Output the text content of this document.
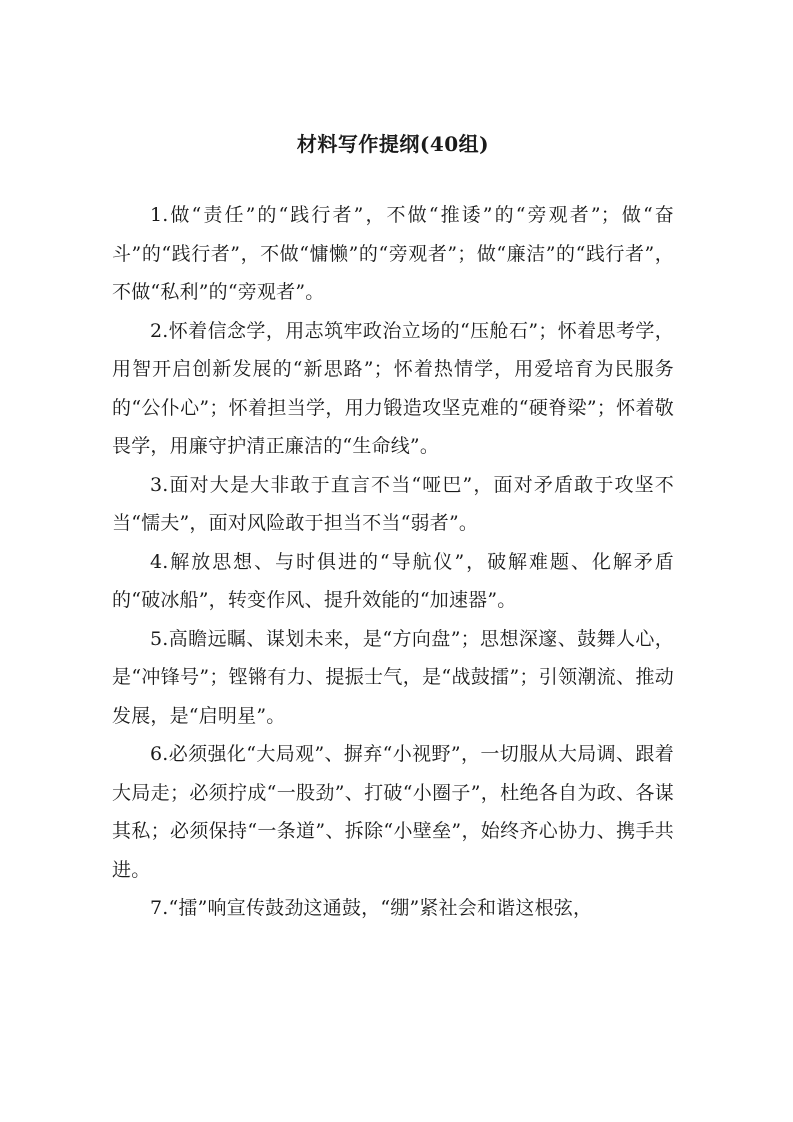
材料写作提纲(40组)

1.做“责任”的“践行者”，不做“推诿”的“旁观者”；做“奋斗”的“践行者”，不做“慵懒”的“旁观者”；做“廉洁”的“践行者”，不做“私利”的“旁观者”。

2.怀着信念学，用志筑牢政治立场的“压舱石”；怀着思考学，用智开启创新发展的“新思路”；怀着热情学，用爱培育为民服务的“公仆心”；怀着担当学，用力锻造攻坚克难的“硬脊梁”；怀着敬畏学，用廉守护清正廉洁的“生命线”。

3.面对大是大非敢于直言不当“哑巴”，面对矛盾敢于攻坚不当“懦夫”，面对风险敢于担当不当“弱者”。

4.解放思想、与时俱进的“导航仪”，破解难题、化解矛盾的“破冰船”，转变作风、提升效能的“加速器”。

5.高瞻远瞩、谋划未来，是“方向盘”；思想深邃、鼓舞人心，是“冲锋号”；铿锵有力、提振士气，是“战鼓擂”；引领潮流、推动发展，是“启明星”。

6.必须强化“大局观”、摒弃“小视野”，一切服从大局调、跟着大局走；必须拧成“一股劲”、打破“小圈子”，杜绝各自为政、各谋其私；必须保持“一条道”、拆除“小壁垒”，始终齐心协力、携手共进。

7.“擂”响宣传鼓劲这通鼓，“绷”紧社会和谐这根弦，
